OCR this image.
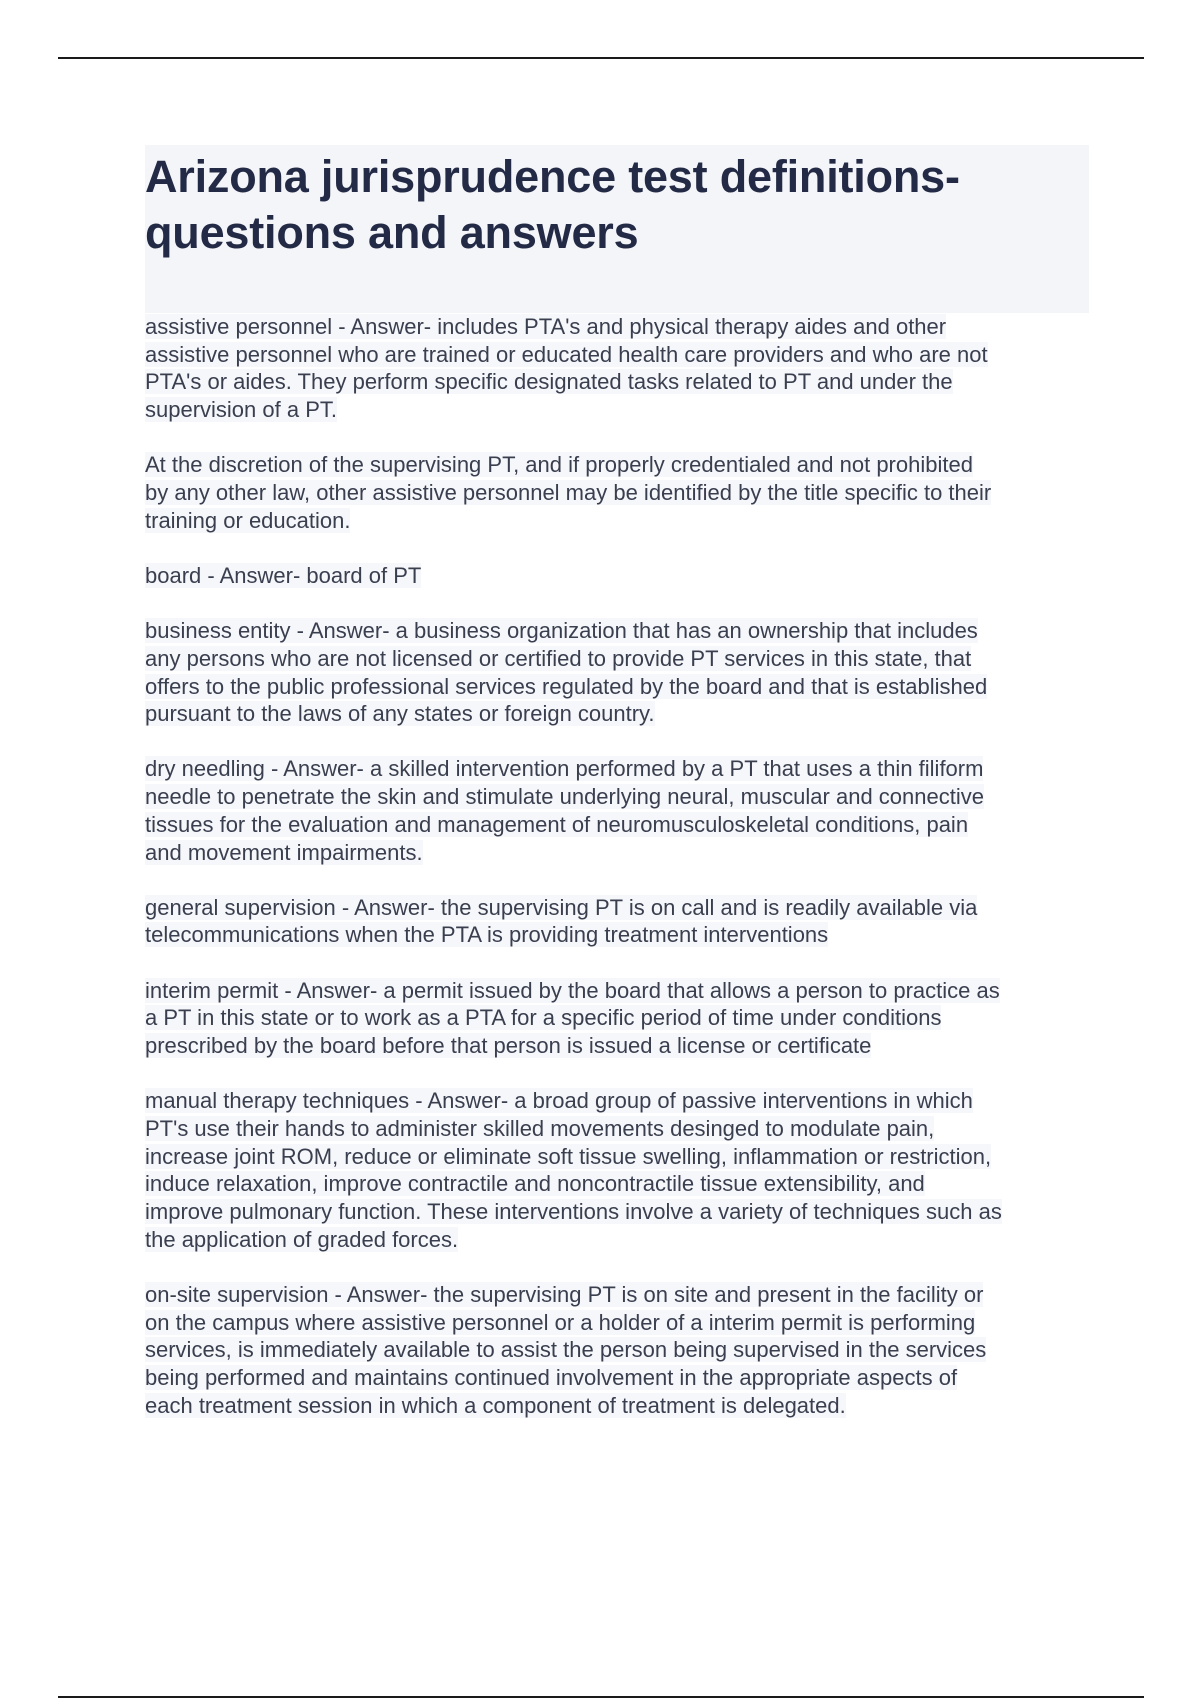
Arizona jurisprudence test definitions-
questions and answers

assistive personnel - Answer- includes PTA's and physical therapy aides and other
assistive personnel who are trained or educated health care providers and who are not
PTA's or aides. They perform specific designated tasks related to PT and under the
supervision of a PT.

At the discretion of the supervising PT, and if properly credentialed and not prohibited
by any other law, other assistive personnel may be identified by the title specific to their
training or education.

board - Answer- board of PT

business entity - Answer- a business organization that has an ownership that includes
any persons who are not licensed or certified to provide PT services in this state, that
offers to the public professional services regulated by the board and that is established
pursuant to the laws of any states or foreign country.

dry needling - Answer- a skilled intervention performed by a PT that uses a thin filiform
needle to penetrate the skin and stimulate underlying neural, muscular and connective
tissues for the evaluation and management of neuromusculoskeletal conditions, pain
and movement impairments.

general supervision - Answer- the supervising PT is on call and is readily available via
telecommunications when the PTA is providing treatment interventions

interim permit - Answer- a permit issued by the board that allows a person to practice as
a PT in this state or to work as a PTA for a specific period of time under conditions
prescribed by the board before that person is issued a license or certificate

manual therapy techniques - Answer- a broad group of passive interventions in which
PT's use their hands to administer skilled movements desinged to modulate pain,
increase joint ROM, reduce or eliminate soft tissue swelling, inflammation or restriction,
induce relaxation, improve contractile and noncontractile tissue extensibility, and
improve pulmonary function. These interventions involve a variety of techniques such as
the application of graded forces.

on-site supervision - Answer- the supervising PT is on site and present in the facility or
on the campus where assistive personnel or a holder of a interim permit is performing
services, is immediately available to assist the person being supervised in the services
being performed and maintains continued involvement in the appropriate aspects of
each treatment session in which a component of treatment is delegated.
